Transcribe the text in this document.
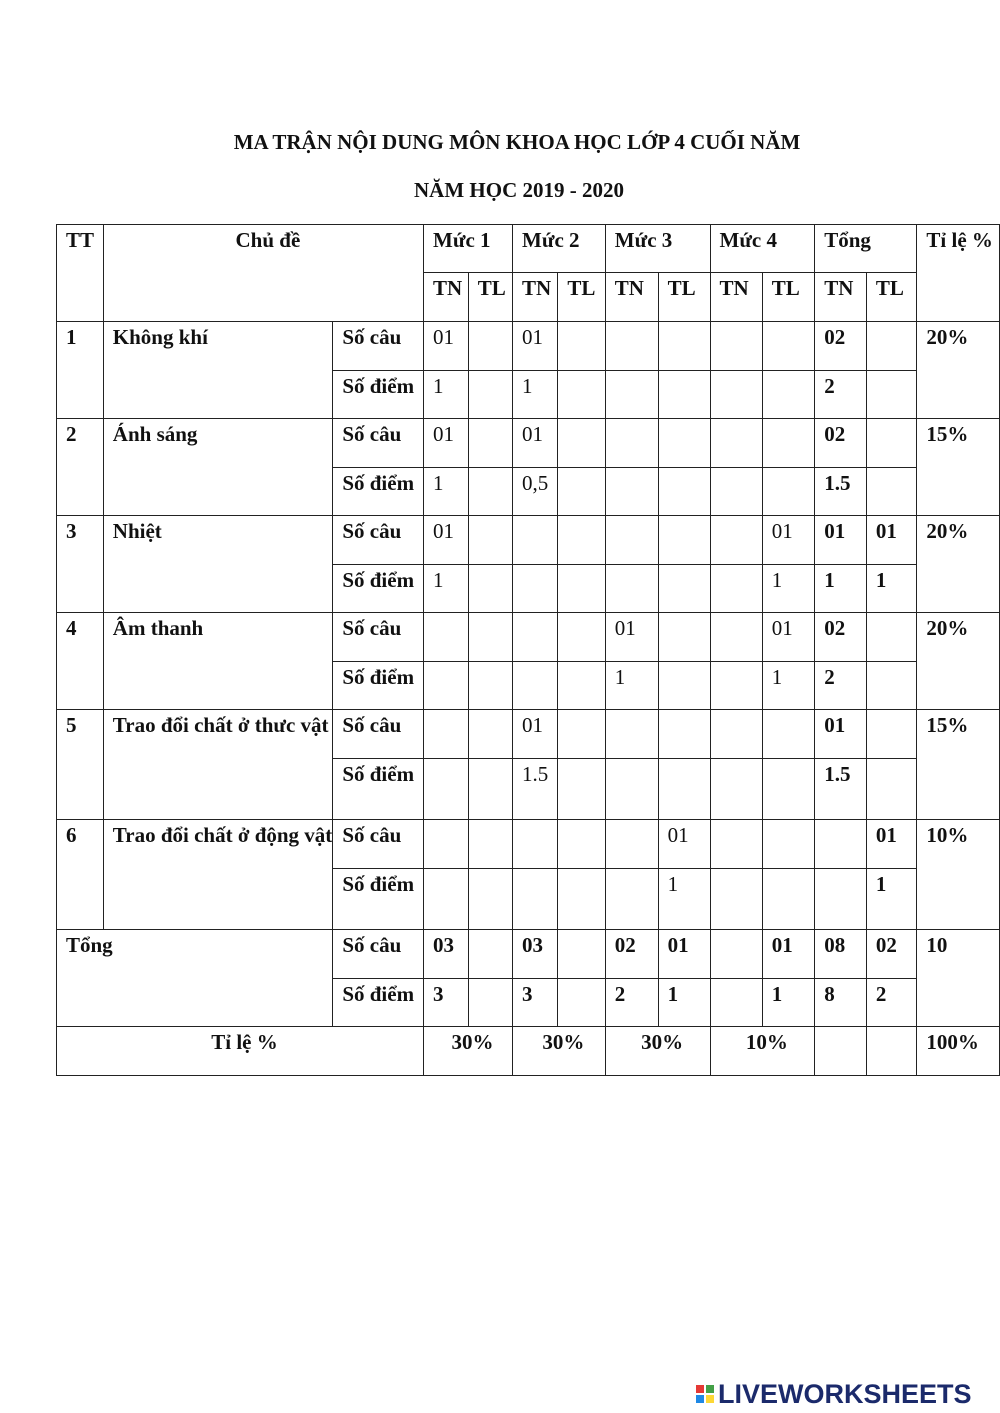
MA TRẬN NỘI DUNG MÔN KHOA HỌC LỚP 4 CUỐI NĂM
NĂM HỌC 2019 - 2020
TT	Chủ đề		Mức 1		Mức 2		Mức 3		Mức 4		Tổng		Tỉ lệ %
			TN	TL	TN	TL	TN	TL	TN	TL	TN	TL	
1	Không khí	Số câu	01		01						02		20%
		Số điểm	1		1						2		
2	Ánh sáng	Số câu	01		01						02		15%
		Số điểm	1		0,5						1.5		
3	Nhiệt	Số câu	01							01	01	01	20%
		Số điểm	1							1	1	1	
4	Âm thanh	Số câu					01			01	02		20%
		Số điểm					1			1	2		
5	Trao đổi chất ở thưc vật	Số câu			01						01		15%
		Số điểm			1.5						1.5		
6	Trao đổi chất ở động vật	Số câu						01				01	10%
		Số điểm						1				1	
Tổng		Số câu	03		03		02	01		01	08	02	10
		Số điểm	3		3		2	1		1	8	2	
Tỉ lệ %			30%		30%		30%		10%				100%
LIVEWORKSHEETS
